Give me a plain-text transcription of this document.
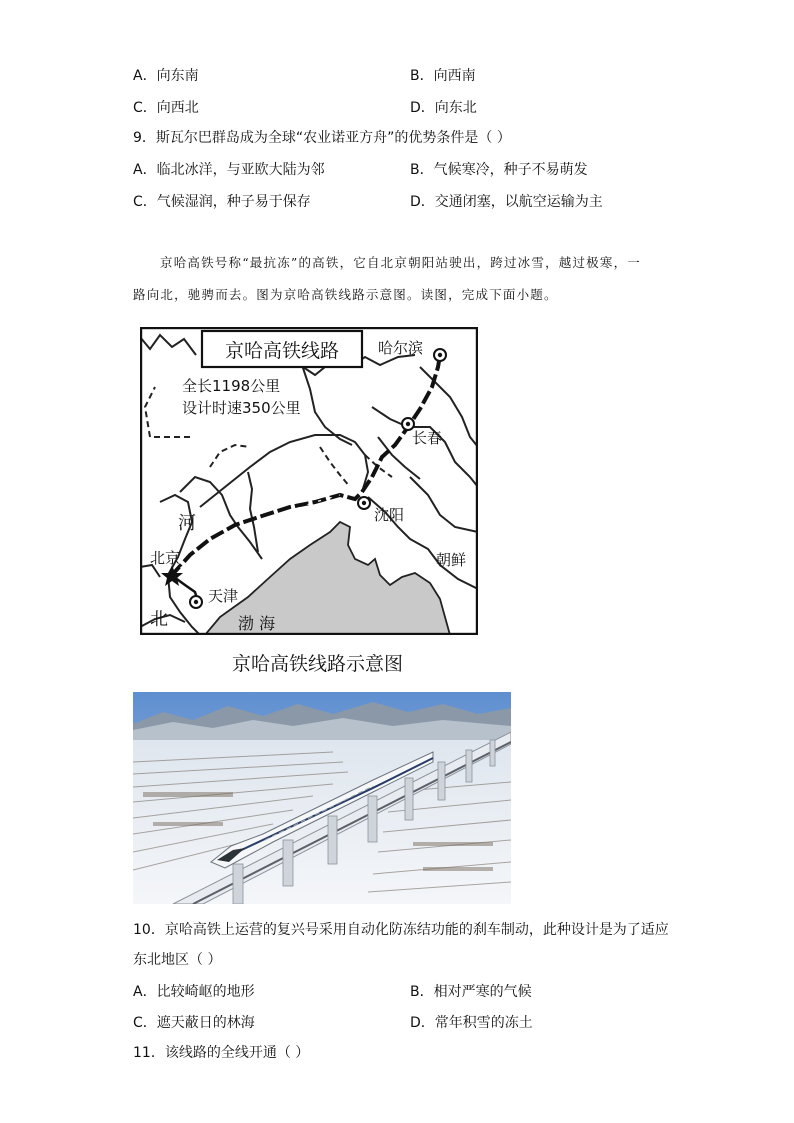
A．向东南	B．向西南
C．向西北	D．向东北
9．斯瓦尔巴群岛成为全球“农业诺亚方舟”的优势条件是（ ）
A．临北冰洋，与亚欧大陆为邻	B．气候寒冷，种子不易萌发
C．气候湿润，种子易于保存	D．交通闭塞，以航空运输为主
京哈高铁号称“最抗冻”的高铁，它自北京朝阳站驶出，跨过冰雪，越过极寒，一
路向北，驰骋而去。图为京哈高铁线路示意图。读图，完成下面小题。
京哈高铁线路
全长1198公里
设计时速350公里
哈尔滨
长春
沈阳
北京
天津
河
北
朝鲜
渤 海
京哈高铁线路示意图
10．京哈高铁上运营的复兴号采用自动化防冻结功能的刹车制动，此种设计是为了适应
东北地区（ ）
A．比较崎岖的地形	B．相对严寒的气候
C．遮天蔽日的林海	D．常年积雪的冻土
11．该线路的全线开通（ ）
